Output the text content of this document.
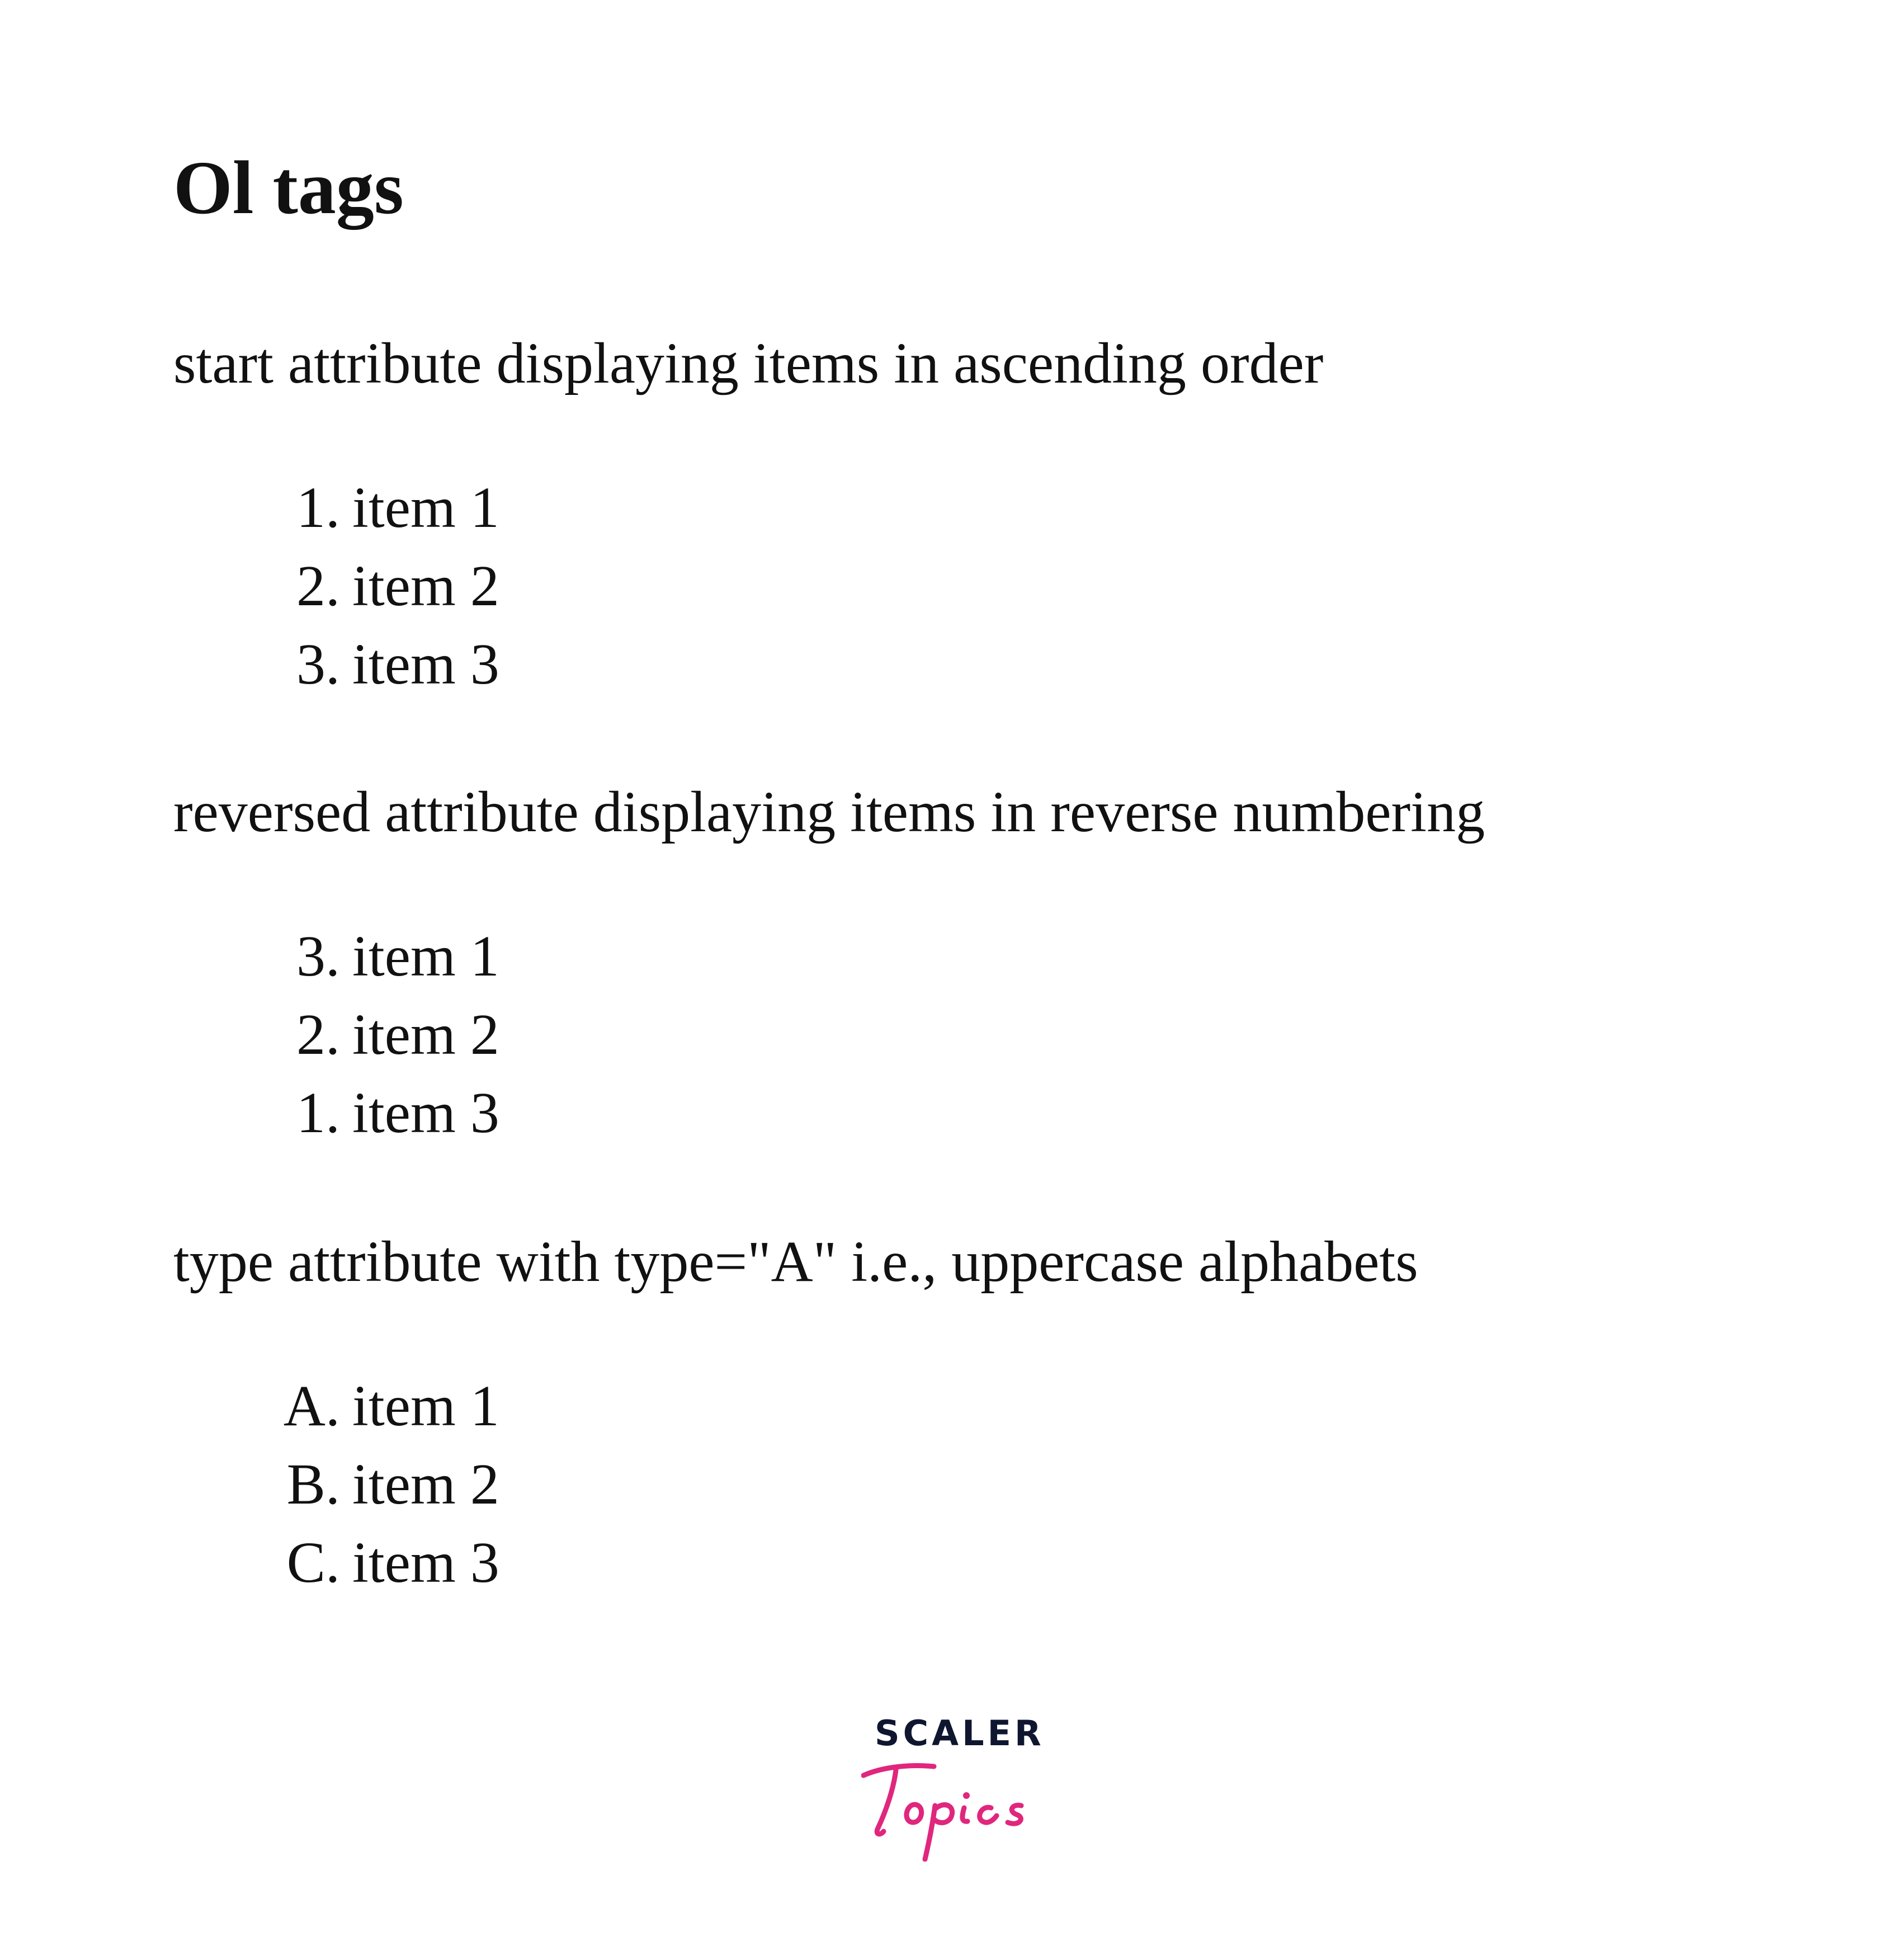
Ol tags

start attribute displaying items in ascending order

1. item 1
2. item 2
3. item 3

reversed attribute displaying items in reverse numbering

3. item 1
2. item 2
1. item 3

type attribute with type="A" i.e., uppercase alphabets

A. item 1
B. item 2
C. item 3
SCALER
